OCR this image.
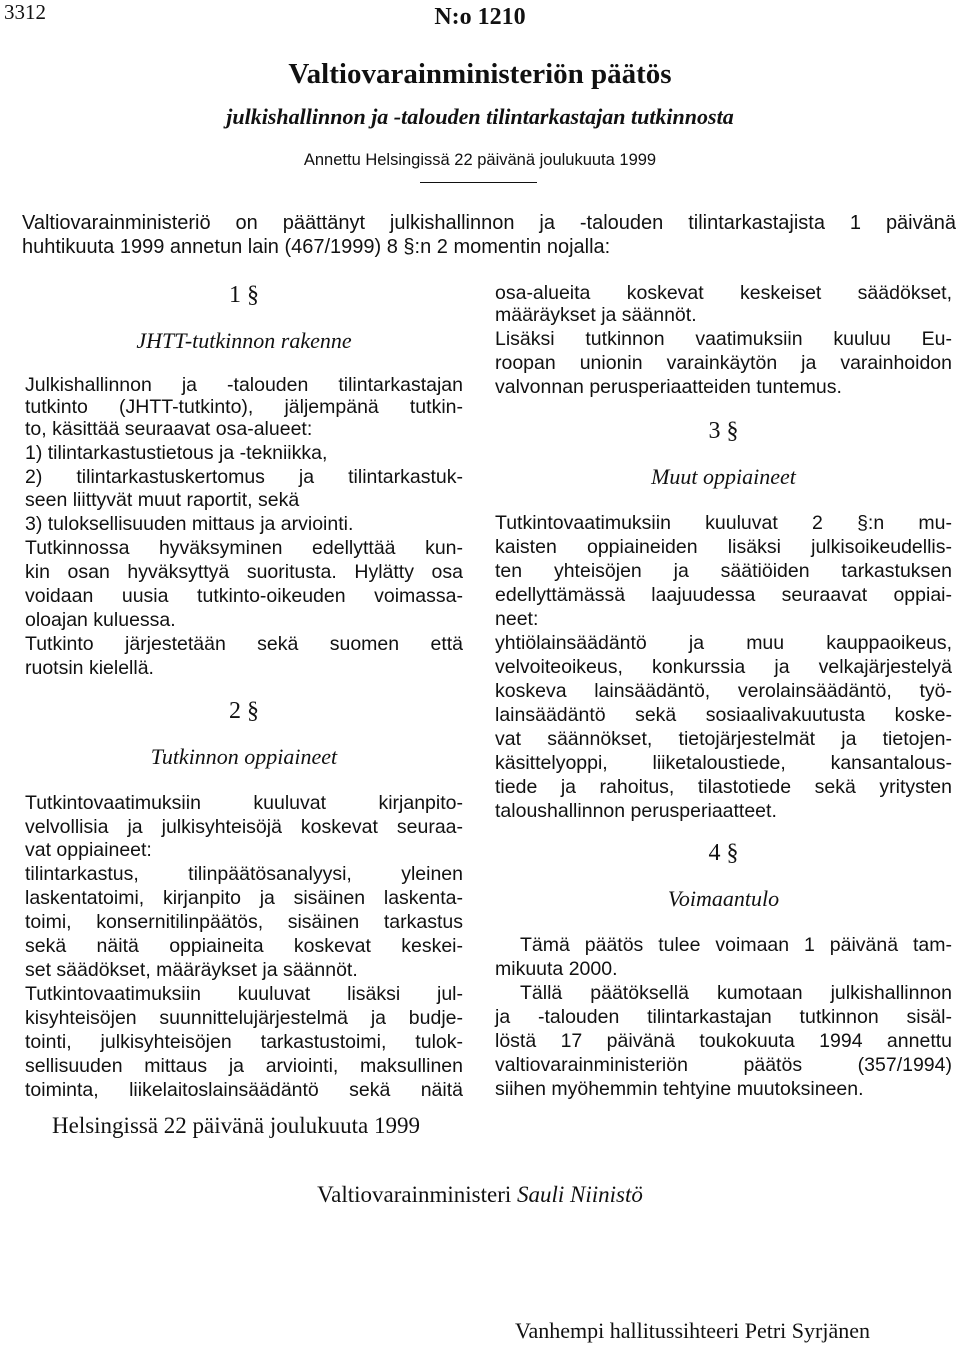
3312	N:o 1210
Valtiovarainministeriön päätös
julkishallinnon ja -talouden tilintarkastajan tutkinnosta
Annettu Helsingissä 22 päivänä joulukuuta 1999
Valtiovarainministeriö on päättänyt julkishallinnon ja -talouden tilintarkastajista 1 päivänä
huhtikuuta 1999 annetun lain (467/1999) 8 §:n 2 momentin nojalla:
1 §
JHTT-tutkinnon rakenne
Julkishallinnon ja -talouden tilintarkastajan
tutkinto (JHTT-tutkinto), jäljempänä tutkin-
to, käsittää seuraavat osa-alueet:
1) tilintarkastustietous ja -tekniikka,
2) tilintarkastuskertomus ja tilintarkastuk-
seen liittyvät muut raportit, sekä
3) tuloksellisuuden mittaus ja arviointi.
Tutkinnossa hyväksyminen edellyttää kun-
kin osan hyväksyttyä suoritusta. Hylätty osa
voidaan uusia tutkinto-oikeuden voimassa-
oloajan kuluessa.
Tutkinto järjestetään sekä suomen että
ruotsin kielellä.
2 §
Tutkinnon oppiaineet
Tutkintovaatimuksiin kuuluvat kirjanpito-
velvollisia ja julkisyhteisöjä koskevat seuraa-
vat oppiaineet:
tilintarkastus, tilinpäätösanalyysi, yleinen
laskentatoimi, kirjanpito ja sisäinen laskenta-
toimi, konsernitilinpäätös, sisäinen tarkastus
sekä näitä oppiaineita koskevat keskei-
set säädökset, määräykset ja säännöt.
Tutkintovaatimuksiin kuuluvat lisäksi jul-
kisyhteisöjen suunnittelujärjestelmä ja budje-
tointi, julkisyhteisöjen tarkastustoimi, tulok-
sellisuuden mittaus ja arviointi, maksullinen
toiminta, liikelaitoslainsäädäntö sekä näitä
osa-alueita koskevat keskeiset säädökset,
määräykset ja säännöt.
Lisäksi tutkinnon vaatimuksiin kuuluu Eu-
roopan unionin varainkäytön ja varainhoidon
valvonnan perusperiaatteiden tuntemus.
3 §
Muut oppiaineet
Tutkintovaatimuksiin kuuluvat 2 §:n mu-
kaisten oppiaineiden lisäksi julkisoikeudellis-
ten yhteisöjen ja säätiöiden tarkastuksen
edellyttämässä laajuudessa seuraavat oppiai-
neet:
yhtiölainsäädäntö ja muu kauppaoikeus,
velvoiteoikeus, konkurssia ja velkajärjestelyä
koskeva lainsäädäntö, verolainsäädäntö, työ-
lainsäädäntö sekä sosiaalivakuutusta koske-
vat säännökset, tietojärjestelmät ja tietojen-
käsittelyoppi, liiketaloustiede, kansantalous-
tiede ja rahoitus, tilastotiede sekä yritysten
taloushallinnon perusperiaatteet.
4 §
Voimaantulo
Tämä päätös tulee voimaan 1 päivänä tam-
mikuuta 2000.
Tällä päätöksellä kumotaan julkishallinnon
ja -talouden tilintarkastajan tutkinnon sisäl-
löstä 17 päivänä toukokuuta 1994 annettu
valtiovarainministeriön päätös (357/1994)
siihen myöhemmin tehtyine muutoksineen.
Helsingissä 22 päivänä joulukuuta 1999
Valtiovarainministeri Sauli Niinistö
Vanhempi hallitussihteeri Petri Syrjänen
